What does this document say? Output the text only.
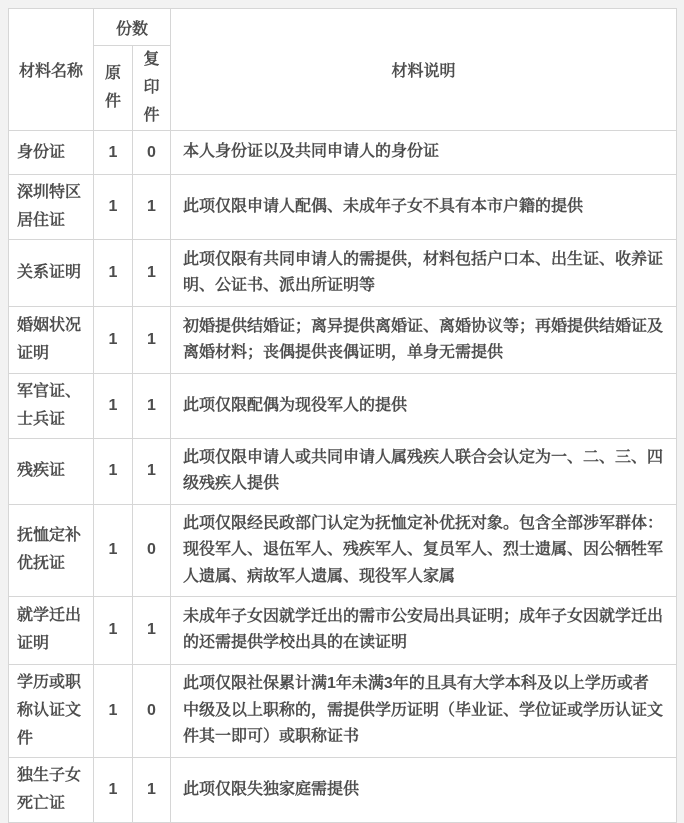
材料名称	份数		材料说明
	原件	复印件	
身份证	1	0	本人身份证以及共同申请人的身份证
深圳特区居住证	1	1	此项仅限申请人配偶、未成年子女不具有本市户籍的提供
关系证明	1	1	此项仅限有共同申请人的需提供，材料包括户口本、出生证、收养证明、公证书、派出所证明等
婚姻状况证明	1	1	初婚提供结婚证；离异提供离婚证、离婚协议等；再婚提供结婚证及离婚材料；丧偶提供丧偶证明，单身无需提供
军官证、士兵证	1	1	此项仅限配偶为现役军人的提供
残疾证	1	1	此项仅限申请人或共同申请人属残疾人联合会认定为一、二、三、四级残疾人提供
抚恤定补优抚证	1	0	此项仅限经民政部门认定为抚恤定补优抚对象。包含全部涉军群体：现役军人、退伍军人、残疾军人、复员军人、烈士遗属、因公牺牲军人遗属、病故军人遗属、现役军人家属
就学迁出证明	1	1	未成年子女因就学迁出的需市公安局出具证明；成年子女因就学迁出的还需提供学校出具的在读证明
学历或职称认证文件	1	0	此项仅限社保累计满1年未满3年的且具有大学本科及以上学历或者中级及以上职称的，需提供学历证明（毕业证、学位证或学历认证文件其一即可）或职称证书
独生子女死亡证	1	1	此项仅限失独家庭需提供
